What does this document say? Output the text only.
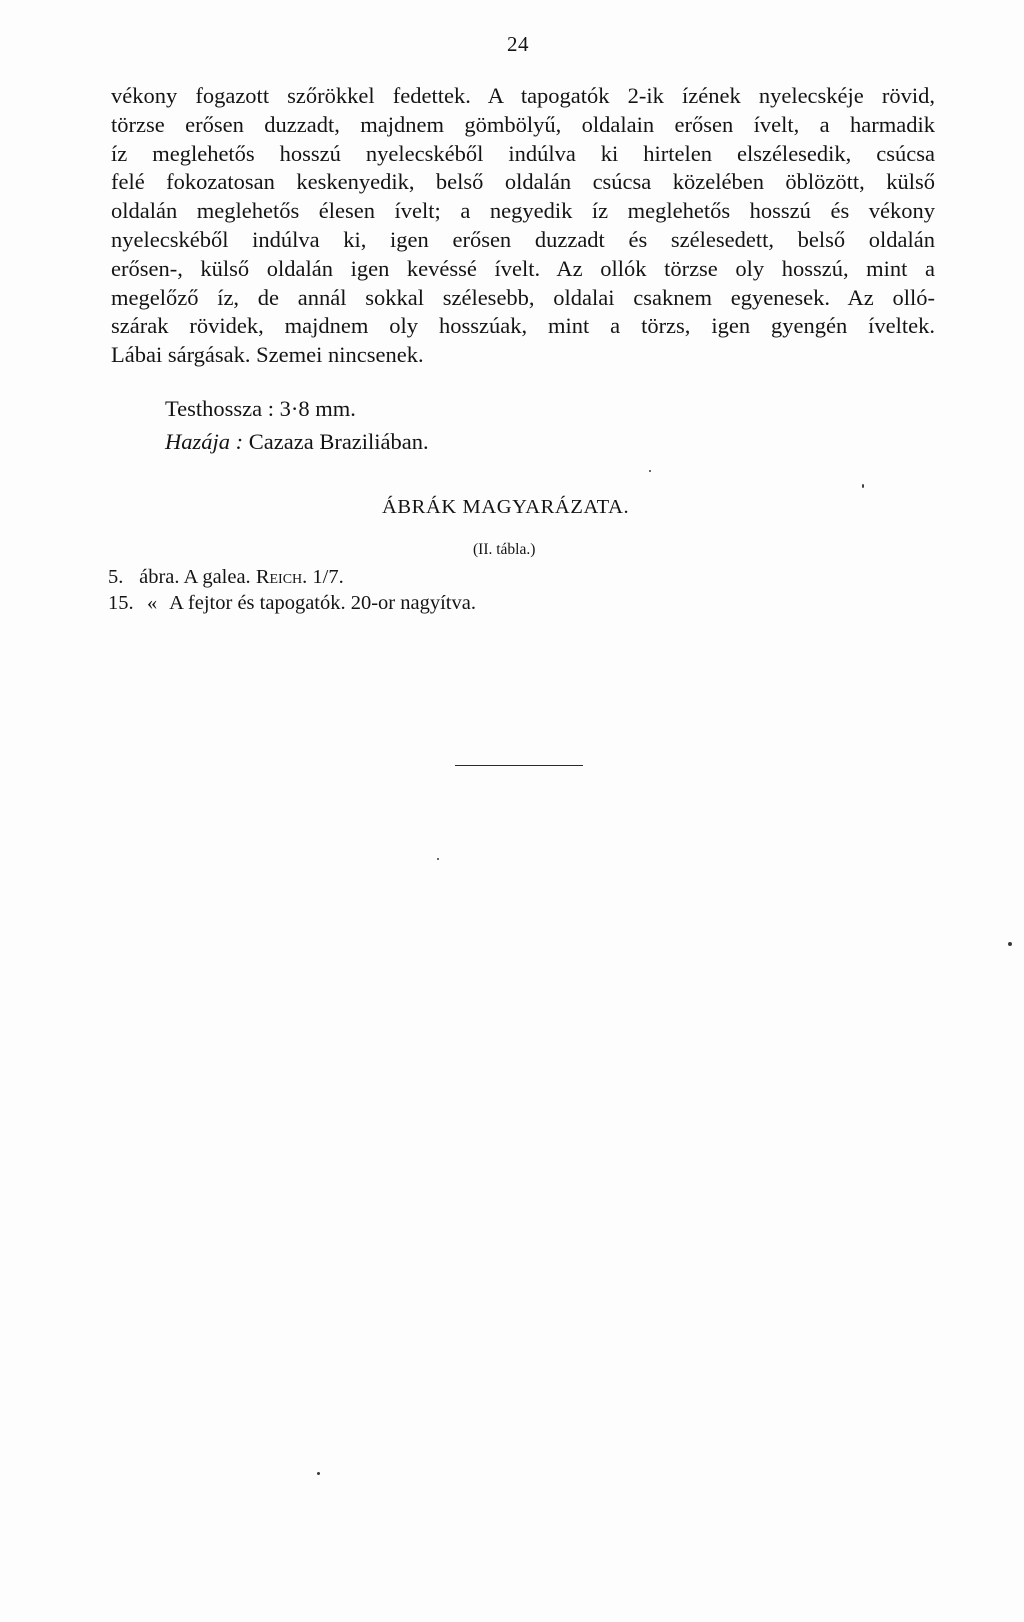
24

vékony fogazott szőrökkel fedettek. A tapogatók 2-ik ízének nyelecskéje rövid,
törzse erősen duzzadt, majdnem gömbölyű, oldalain erősen ívelt, a harmadik
íz meglehetős hosszú nyelecskéből indúlva ki hirtelen elszélesedik, csúcsa
felé fokozatosan keskenyedik, belső oldalán csúcsa közelében öblözött, külső
oldalán meglehetős élesen ívelt; a negyedik íz meglehetős hosszú és vékony
nyelecskéből indúlva ki, igen erősen duzzadt és szélesedett, belső oldalán
erősen-, külső oldalán igen kevéssé ívelt. Az ollók törzse oly hosszú, mint a
megelőző íz, de annál sokkal szélesebb, oldalai csaknem egyenesek. Az olló-
szárak rövidek, majdnem oly hosszúak, mint a törzs, igen gyengén íveltek.
Lábai sárgásak. Szemei nincsenek.

Testhossza : 3·8 mm.
Hazája : Cazaza Braziliában.
ÁBRÁK MAGYARÁZATA.
(II. tábla.)
5. ábra. A galea. Reich. 1/7.
15. « A fejtor és tapogatók. 20-or nagyítva.
